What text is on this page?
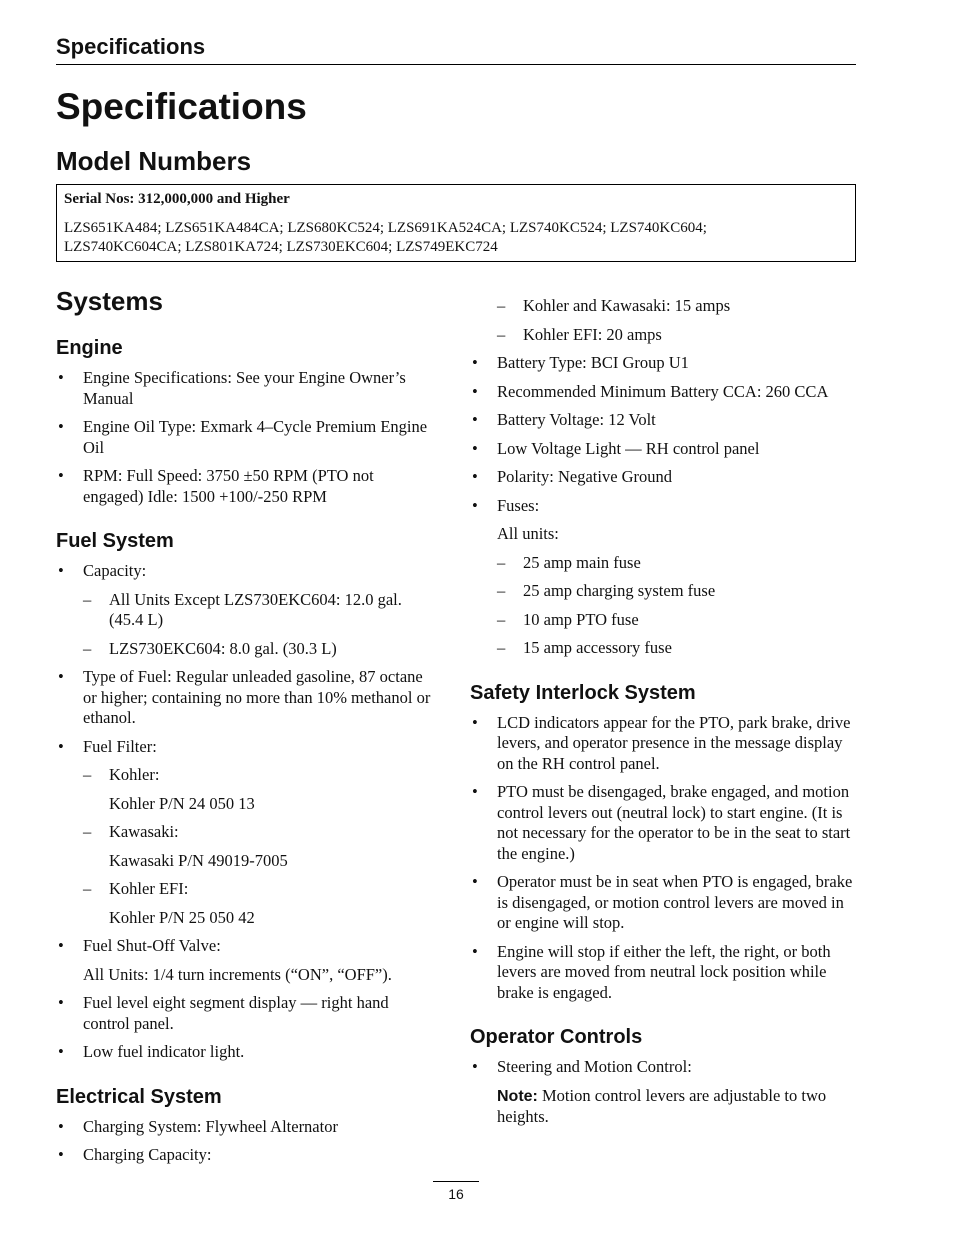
Specifications
Specifications
Model Numbers
Serial Nos: 312,000,000 and Higher
LZS651KA484; LZS651KA484CA; LZS680KC524; LZS691KA524CA; LZS740KC524; LZS740KC604;
LZS740KC604CA; LZS801KA724; LZS730EKC604; LZS749EKC724
Systems
Engine
• Engine Specifications: See your Engine Owner’s Manual
• Engine Oil Type: Exmark 4–Cycle Premium Engine Oil
• RPM: Full Speed: 3750 ±50 RPM (PTO not engaged) Idle: 1500 +100/-250 RPM
Fuel System
• Capacity:
– All Units Except LZS730EKC604: 12.0 gal. (45.4 L)
– LZS730EKC604: 8.0 gal. (30.3 L)
• Type of Fuel: Regular unleaded gasoline, 87 octane or higher; containing no more than 10% methanol or ethanol.
• Fuel Filter:
– Kohler:
Kohler P/N 24 050 13
– Kawasaki:
Kawasaki P/N 49019-7005
– Kohler EFI:
Kohler P/N 25 050 42
• Fuel Shut-Off Valve:
All Units: 1/4 turn increments (“ON”, “OFF”).
• Fuel level eight segment display — right hand control panel.
• Low fuel indicator light.
Electrical System
• Charging System: Flywheel Alternator
• Charging Capacity:
– Kohler and Kawasaki: 15 amps
– Kohler EFI: 20 amps
• Battery Type: BCI Group U1
• Recommended Minimum Battery CCA: 260 CCA
• Battery Voltage: 12 Volt
• Low Voltage Light — RH control panel
• Polarity: Negative Ground
• Fuses:
All units:
– 25 amp main fuse
– 25 amp charging system fuse
– 10 amp PTO fuse
– 15 amp accessory fuse
Safety Interlock System
• LCD indicators appear for the PTO, park brake, drive levers, and operator presence in the message display on the RH control panel.
• PTO must be disengaged, brake engaged, and motion control levers out (neutral lock) to start engine. (It is not necessary for the operator to be in the seat to start the engine.)
• Operator must be in seat when PTO is engaged, brake is disengaged, or motion control levers are moved in or engine will stop.
• Engine will stop if either the left, the right, or both levers are moved from neutral lock position while brake is engaged.
Operator Controls
• Steering and Motion Control:
Note: Motion control levers are adjustable to two heights.
16
